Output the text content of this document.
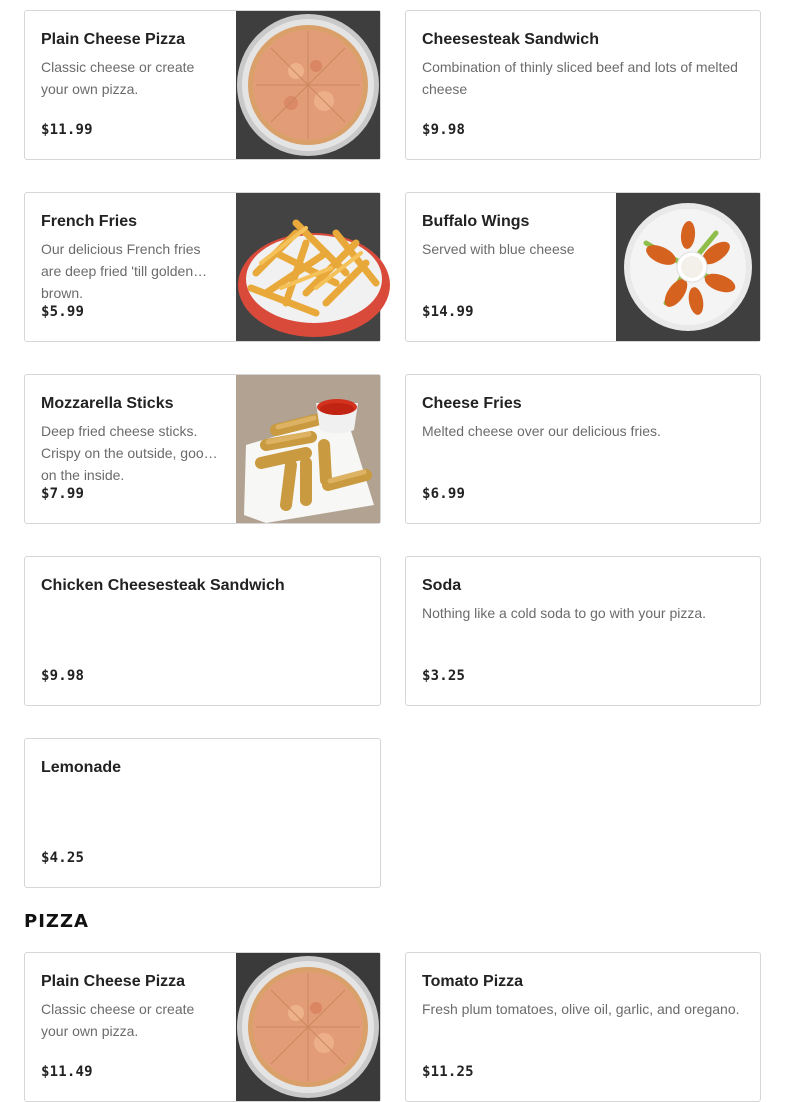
Plain Cheese Pizza
Classic cheese or create your own pizza.
$11.99
Cheesesteak Sandwich
Combination of thinly sliced beef and lots of melted cheese
$9.98
French Fries
Our delicious French fries are deep fried 'till golden brown.
$5.99
Buffalo Wings
Served with blue cheese
$14.99
Mozzarella Sticks
Deep fried cheese sticks. Crispy on the outside, gooey on the inside.
$7.99
Cheese Fries
Melted cheese over our delicious fries.
$6.99
Chicken Cheesesteak Sandwich
$9.98
Soda
Nothing like a cold soda to go with your pizza.
$3.25
Lemonade
$4.25
PIZZA
Plain Cheese Pizza
Classic cheese or create your own pizza.
$11.49
Tomato Pizza
Fresh plum tomatoes, olive oil, garlic, and oregano.
$11.25
